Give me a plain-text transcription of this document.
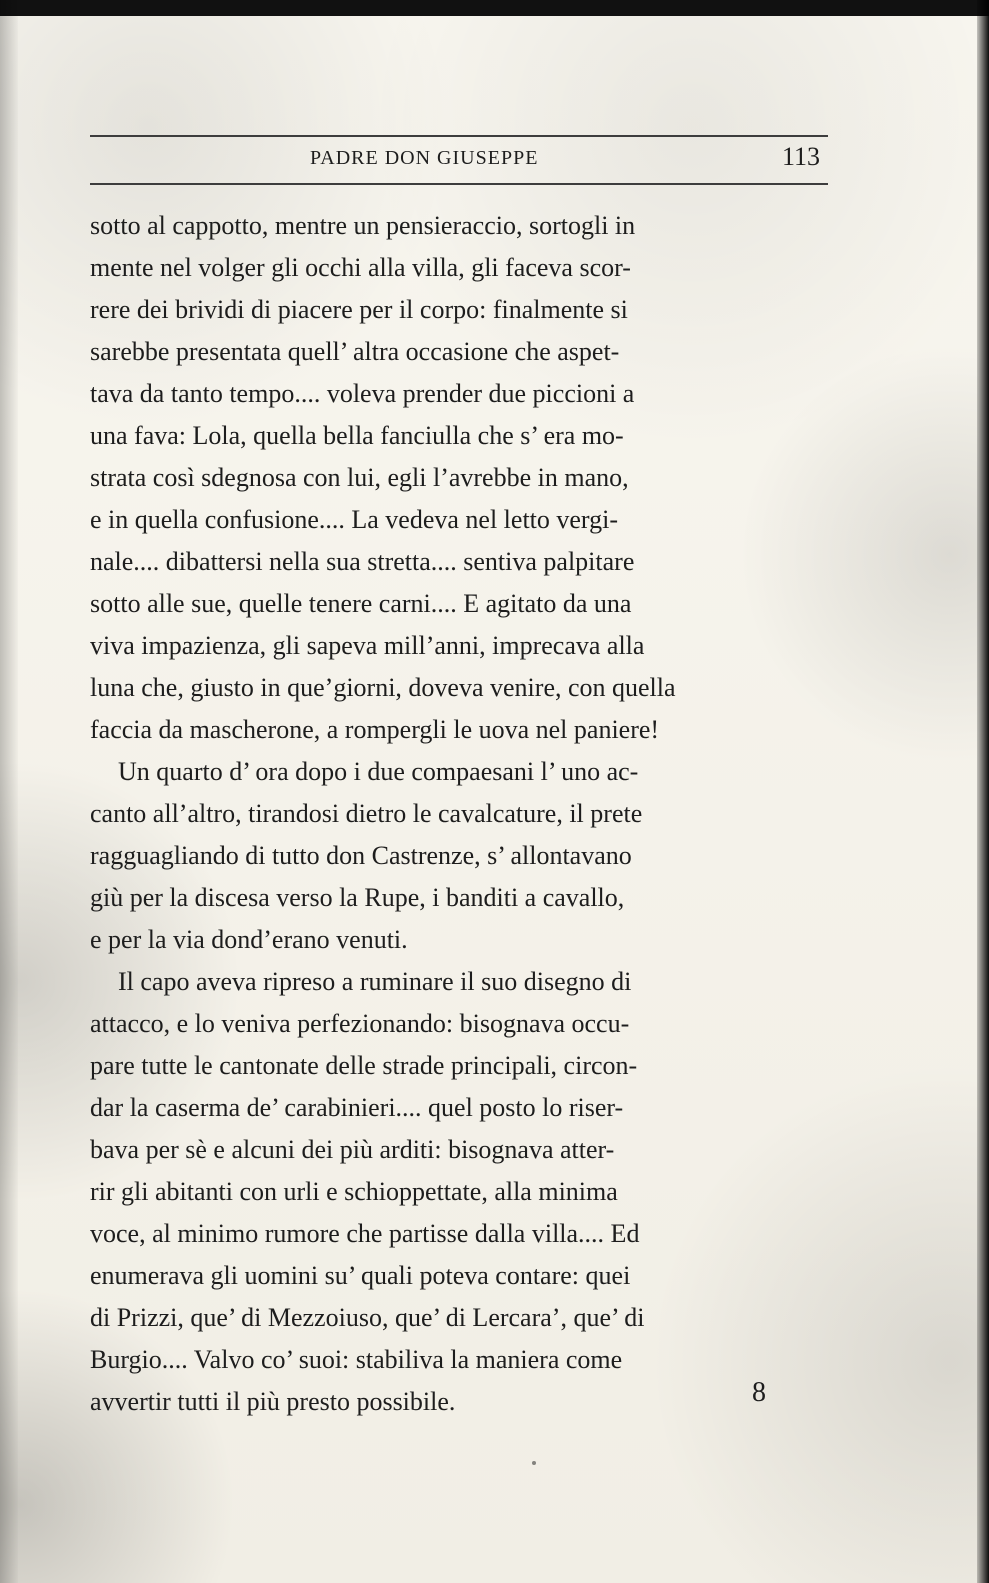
PADRE DON GIUSEPPE	113
sotto al cappotto, mentre un pensieraccio, sortogli in
mente nel volger gli occhi alla villa, gli faceva scor-
rere dei brividi di piacere per il corpo: finalmente si
sarebbe presentata quell’ altra occasione che aspet-
tava da tanto tempo.... voleva prender due piccioni a
una fava: Lola, quella bella fanciulla che s’ era mo-
strata così sdegnosa con lui, egli l’avrebbe in mano,
e in quella confusione.... La vedeva nel letto vergi-
nale.... dibattersi nella sua stretta.... sentiva palpitare
sotto alle sue, quelle tenere carni.... E agitato da una
viva impazienza, gli sapeva mill’anni, imprecava alla
luna che, giusto in que’giorni, doveva venire, con quella
faccia da mascherone, a rompergli le uova nel paniere!
Un quarto d’ ora dopo i due compaesani l’ uno ac-
canto all’altro, tirandosi dietro le cavalcature, il prete
ragguagliando di tutto don Castrenze, s’ allontavano
giù per la discesa verso la Rupe, i banditi a cavallo,
e per la via dond’erano venuti.
Il capo aveva ripreso a ruminare il suo disegno di
attacco, e lo veniva perfezionando: bisognava occu-
pare tutte le cantonate delle strade principali, circon-
dar la caserma de’ carabinieri.... quel posto lo riser-
bava per sè e alcuni dei più arditi: bisognava atter-
rir gli abitanti con urli e schioppettate, alla minima
voce, al minimo rumore che partisse dalla villa.... Ed
enumerava gli uomini su’ quali poteva contare: quei
di Prizzi, que’ di Mezzoiuso, que’ di Lercara’, que’ di
Burgio.... Valvo co’ suoi: stabiliva la maniera come
avvertir tutti il più presto possibile.	8
